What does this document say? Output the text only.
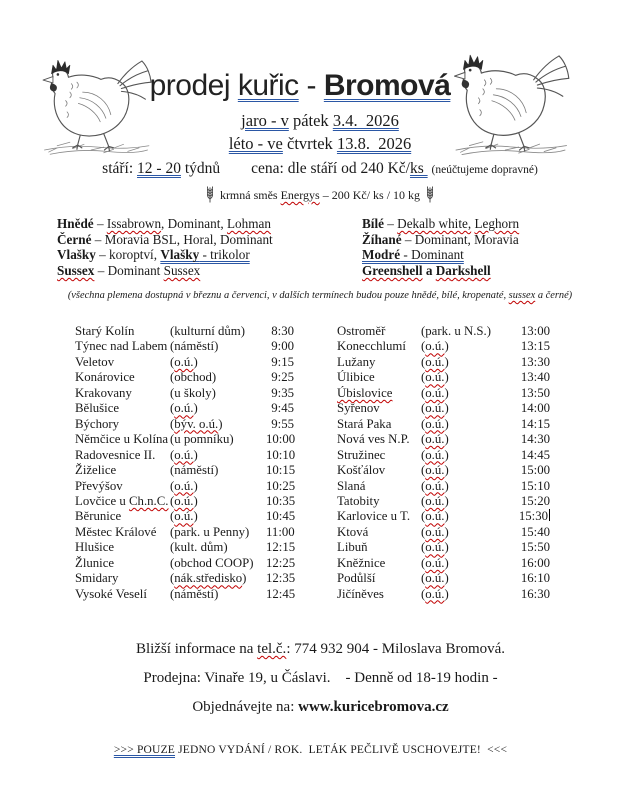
prodej kuřic - Bromová
jaro - v pátek 3.4.  2026
léto - ve čtvrtek 13.8.  2026
stáří: 12 - 20 týdnů        cena: dle stáří od 240 Kč/ks  (neúčtujeme dopravné)
krmná směs Energys – 200 Kč/ ks / 10 kg
Hnědé – Issabrown, Dominant, Lohman
Černé – Moravia BSL, Horal, Dominant
Vlašky – koroptví, Vlašky - trikolor
Sussex – Dominant Sussex
Bílé – Dekalb white, Leghorn
Žíhané – Dominant, Moravia
Modré - Dominant
Greenshell a Darkshell
(všechna plemena dostupná v březnu a červenci, v dalších termínech budou pouze hnědé, bílé, kropenaté, sussex a černé)
Starý Kolín	(kulturní dům)	8:30
Týnec nad Labem (náměstí)	9:00
Veletov	(o.ú.)	9:15
Konárovice	(obchod)	9:25
Krakovany	(u školy)	9:35
Bělušice	(o.ú.)	9:45
Býchory	(býv. o.ú.)	9:55
Němčice u Kolína (u pomníku)	10:00
Radovesnice II.	(o.ú.)	10:10
Žiželice	(náměstí)	10:15
Převýšov	(o.ú.)	10:25
Lovčice u Ch.n.C. (o.ú.)	10:35
Běrunice	(o.ú.)	10:45
Městec Králové	(park. u Penny)	11:00
Hlušice	(kult. dům)	12:15
Žlunice	(obchod COOP) 12:25
Smidary	(nák.středisko)	12:35
Vysoké Veselí	(náměstí)	12:45
Ostroměř	(park. u N.S.)	13:00
Konecchlumí	(o.ú.)	13:15
Lužany	(o.ú.)	13:30
Úlibice	(o.ú.)	13:40
Úbislovice	(o.ú.)	13:50
Syřenov	(o.ú.)	14:00
Stará Paka	(o.ú.)	14:15
Nová ves N.P. (o.ú.)	14:30
Stružinec	(o.ú.)	14:45
Košťálov	(o.ú.)	15:00
Slaná	(o.ú.)	15:10
Tatobity	(o.ú.)	15:20
Karlovice u T. (o.ú.)	15:30
Ktová	(o.ú.)	15:40
Libuň	(o.ú.)	15:50
Kněžnice	(o.ú.)	16:00
Podůlší	(o.ú.)	16:10
Jičíněves	(o.ú.)	16:30
Bližší informace na tel.č.: 774 932 904 - Miloslava Bromová.
Prodejna: Vinaře 19, u Čáslavi.    - Denně od 18-19 hodin -
Objednávejte na: www.kuricebromova.cz
>>> POUZE JEDNO VYDÁNÍ / ROK.  LETÁK PEČLIVĚ USCHOVEJTE!  <<<
